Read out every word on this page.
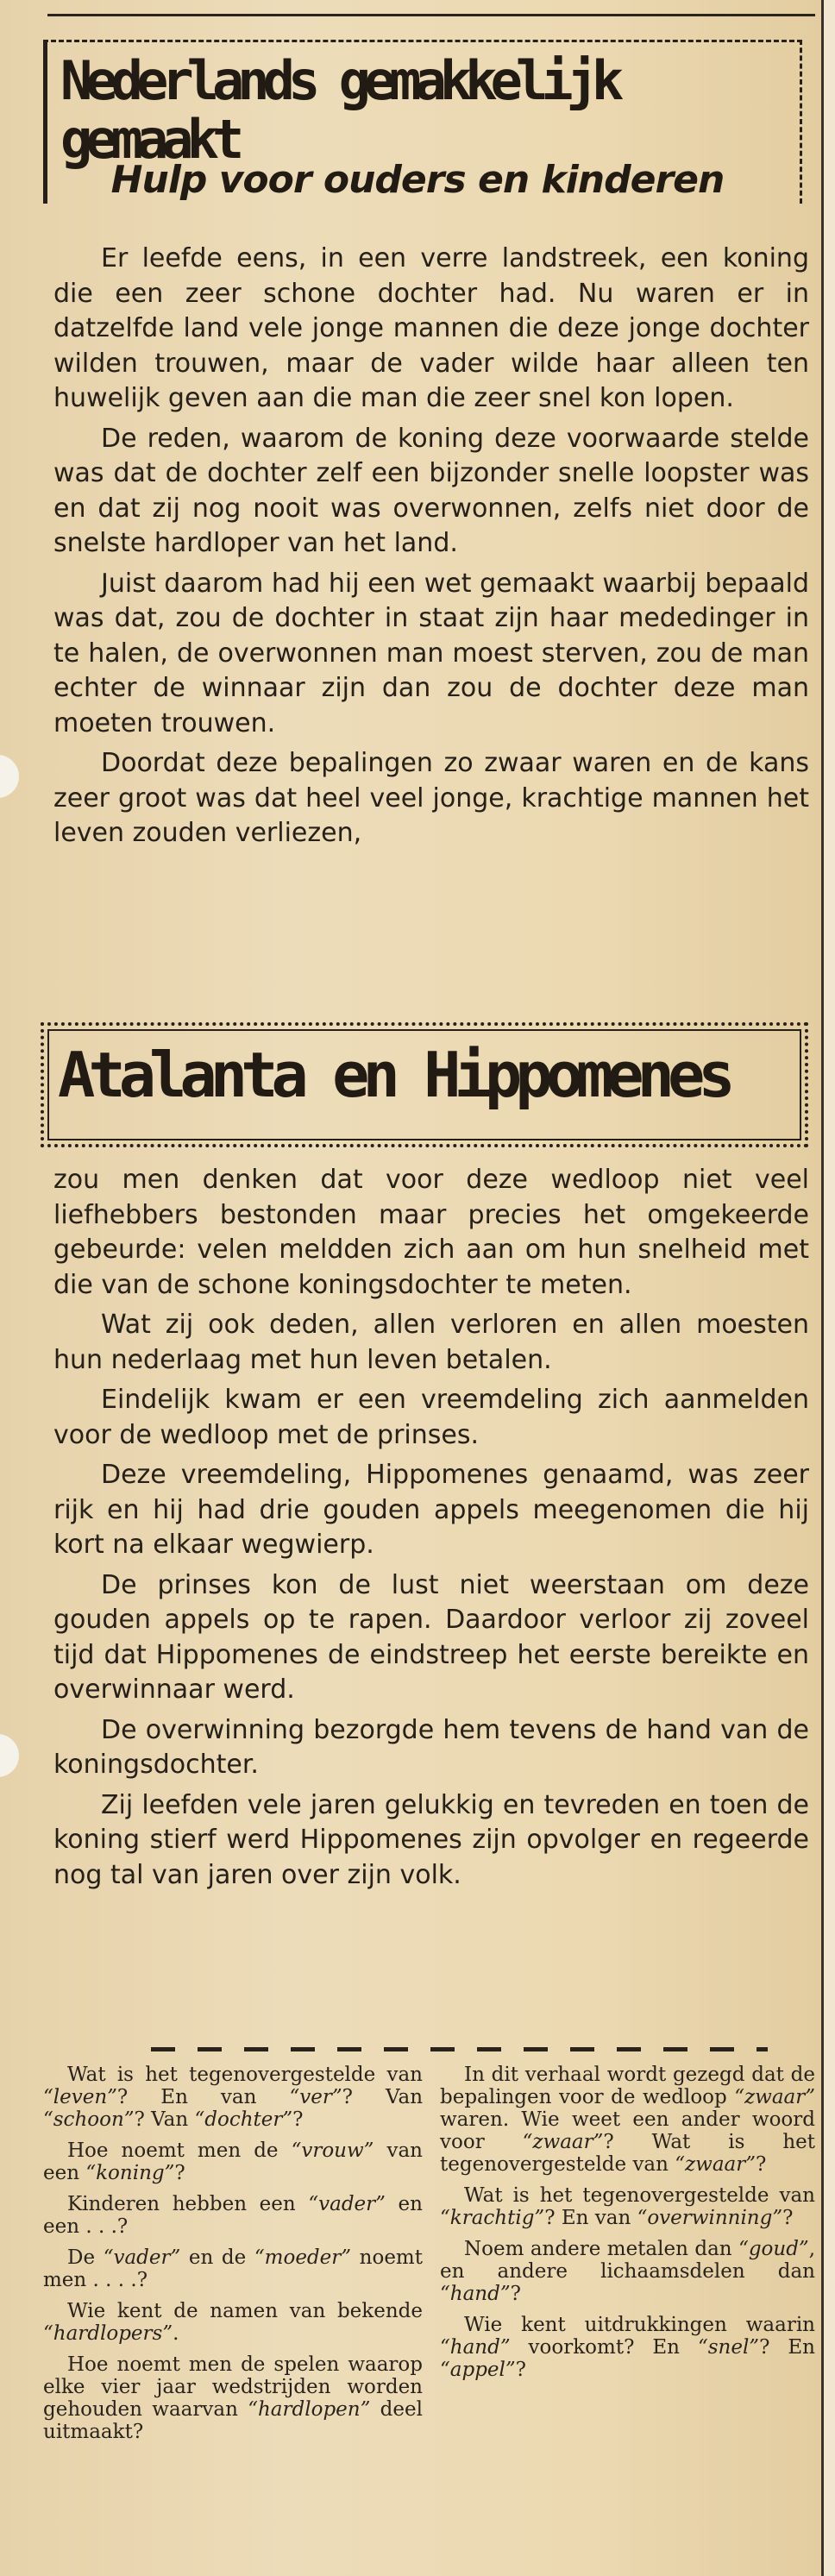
Nederlands gemakkelijk gemaakt
Hulp voor ouders en kinderen

Er leefde eens, in een verre landstreek, een koning die een zeer schone dochter had. Nu waren er in datzelfde land vele jonge mannen die deze jonge dochter wilden trouwen, maar de vader wilde haar alleen ten huwelijk geven aan die man die zeer snel kon lopen.

De reden, waarom de koning deze voorwaarde stelde was dat de dochter zelf een bijzonder snelle loopster was en dat zij nog nooit was overwonnen, zelfs niet door de snelste hardloper van het land.

Juist daarom had hij een wet gemaakt waarbij bepaald was dat, zou de dochter in staat zijn haar mededinger in te halen, de overwonnen man moest sterven, zou de man echter de winnaar zijn dan zou de dochter deze man moeten trouwen.

Doordat deze bepalingen zo zwaar waren en de kans zeer groot was dat heel veel jonge, krachtige mannen het leven zouden verliezen,

Atalanta en Hippomenes

zou men denken dat voor deze wedloop niet veel liefhebbers bestonden maar precies het omgekeerde gebeurde: velen meldden zich aan om hun snelheid met die van de schone koningsdochter te meten.

Wat zij ook deden, allen verloren en allen moesten hun nederlaag met hun leven betalen.

Eindelijk kwam er een vreemdeling zich aanmelden voor de wedloop met de prinses.

Deze vreemdeling, Hippomenes genaamd, was zeer rijk en hij had drie gouden appels meegenomen die hij kort na elkaar wegwierp.

De prinses kon de lust niet weerstaan om deze gouden appels op te rapen. Daardoor verloor zij zoveel tijd dat Hippomenes de eindstreep het eerste bereikte en overwinnaar werd.

De overwinning bezorgde hem tevens de hand van de koningsdochter.

Zij leefden vele jaren gelukkig en tevreden en toen de koning stierf werd Hippomenes zijn opvolger en regeerde nog tal van jaren over zijn volk.

Wat is het tegenovergestelde van “leven”? En van “ver”? Van “schoon”? Van “dochter”?

Hoe noemt men de “vrouw” van een “koning”?

Kinderen hebben een “vader” en een . . .?

De “vader” en de “moeder” noemt men . . . .?

Wie kent de namen van bekende “hardlopers”.

Hoe noemt men de spelen waarop elke vier jaar wedstrijden worden gehouden waarvan “hardlopen” deel uitmaakt?

In dit verhaal wordt gezegd dat de bepalingen voor de wedloop “zwaar” waren. Wie weet een ander woord voor “zwaar”? Wat is het tegenovergestelde van “zwaar”?

Wat is het tegenovergestelde van “krachtig”? En van “overwinning”?

Noem andere metalen dan “goud”, en andere lichaamsdelen dan “hand”?

Wie kent uitdrukkingen waarin “hand” voorkomt? En “snel”? En “appel”?
